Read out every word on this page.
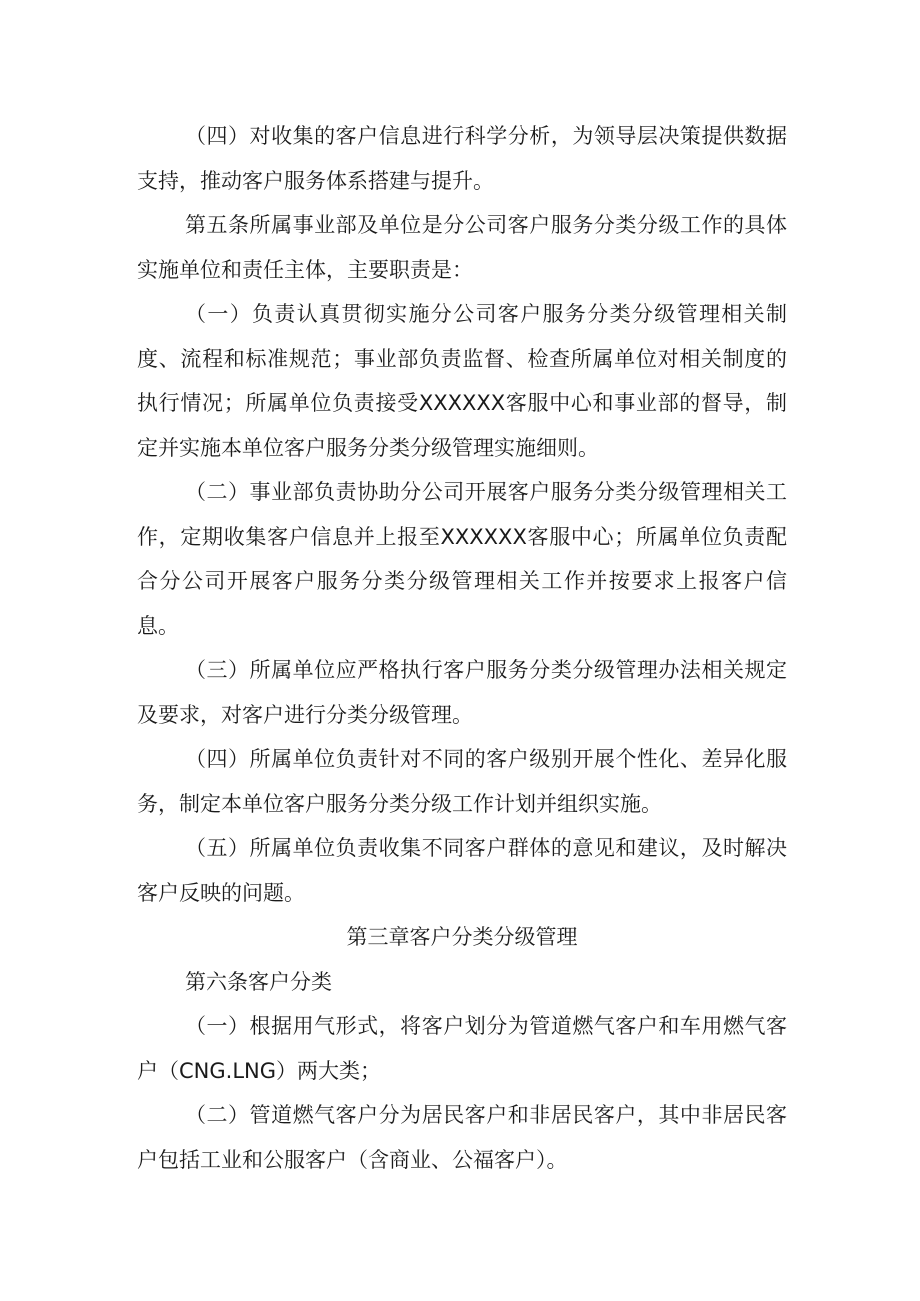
（四）对收集的客户信息进行科学分析，为领导层决策提供数据支持，推动客户服务体系搭建与提升。

第五条所属事业部及单位是分公司客户服务分类分级工作的具体实施单位和责任主体，主要职责是：

（一）负责认真贯彻实施分公司客户服务分类分级管理相关制度、流程和标准规范；事业部负责监督、检查所属单位对相关制度的执行情况；所属单位负责接受XXXXXX客服中心和事业部的督导，制定并实施本单位客户服务分类分级管理实施细则。

（二）事业部负责协助分公司开展客户服务分类分级管理相关工作，定期收集客户信息并上报至XXXXXX客服中心；所属单位负责配合分公司开展客户服务分类分级管理相关工作并按要求上报客户信息。

（三）所属单位应严格执行客户服务分类分级管理办法相关规定及要求，对客户进行分类分级管理。

（四）所属单位负责针对不同的客户级别开展个性化、差异化服务，制定本单位客户服务分类分级工作计划并组织实施。

（五）所属单位负责收集不同客户群体的意见和建议，及时解决客户反映的问题。

第三章客户分类分级管理

第六条客户分类

（一）根据用气形式，将客户划分为管道燃气客户和车用燃气客户（CNG.LNG）两大类；

（二）管道燃气客户分为居民客户和非居民客户，其中非居民客户包括工业和公服客户（含商业、公福客户）。
